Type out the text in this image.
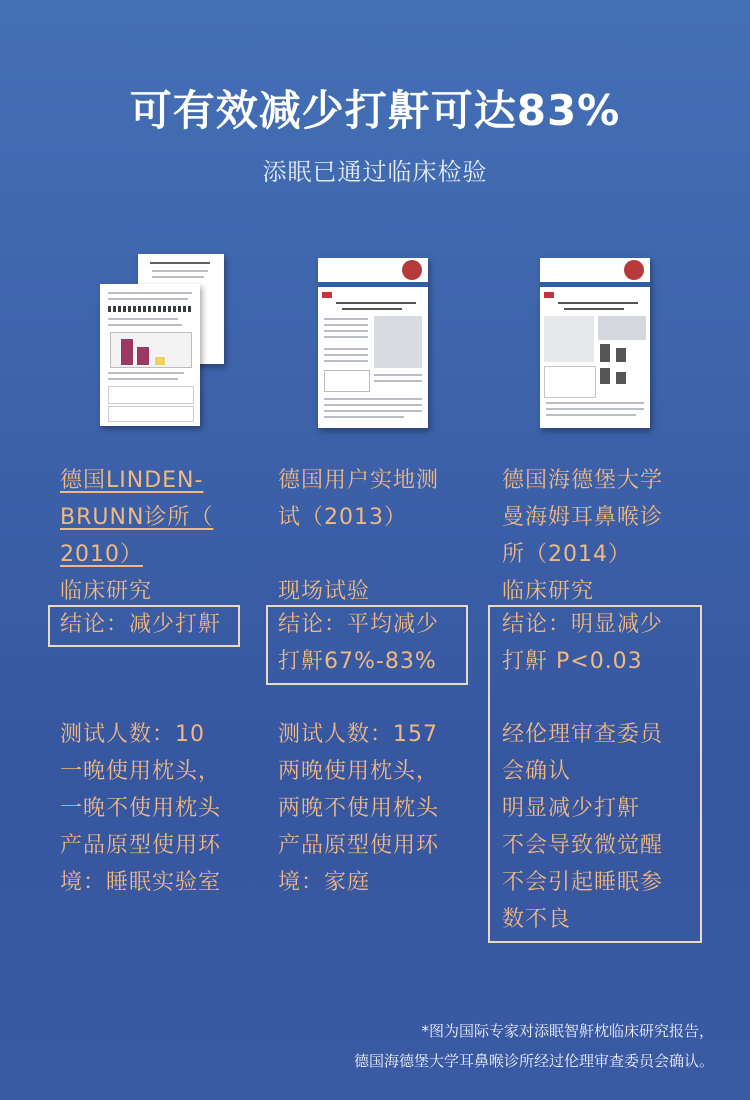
可有效减少打鼾可达83%
添眠已通过临床检验
德国LINDEN-
BRUNN诊所（
2010）
临床研究
结论：减少打鼾
测试人数：10
一晚使用枕头，
一晚不使用枕头
产品原型使用环
境：睡眠实验室
德国用户实地测
试（2013）
现场试验
结论：平均减少
打鼾67%-83%
测试人数：157
两晚使用枕头，
两晚不使用枕头
产品原型使用环
境：家庭
德国海德堡大学
曼海姆耳鼻喉诊
所（2014）
临床研究
结论：明显减少
打鼾 P<0.03
经伦理审查委员
会确认
明显减少打鼾
不会导致微觉醒
不会引起睡眠参
数不良
*图为国际专家对添眠智鼾枕临床研究报告，
德国海德堡大学耳鼻喉诊所经过伦理审查委员会确认。
